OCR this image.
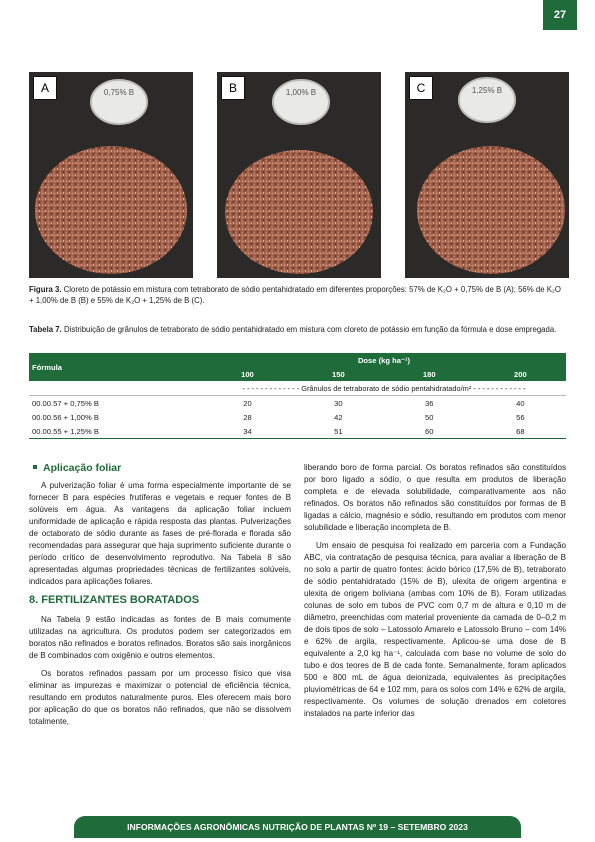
27
0,75% B
A	1,00% B
B	1,25% B
C
Figura 3. Cloreto de potássio em mistura com tetraborato de sódio pentahidratado em diferentes proporções: 57% de K₂O + 0,75% de B (A); 56% de K₂O + 1,00% de B (B) e 55% de K₂O + 1,25% de B (C).
Tabela 7. Distribuição de grânulos de tetraborato de sódio pentahidratado em mistura com cloreto de potássio em função da fórmula e dose empregada.
Fórmula	Dose (kg ha⁻¹)			
	100	150	180	200
	- - - - - - - - - - - - - Grânulos de tetraborato de sódio pentahidratado/m² - - - - - - - - - - - -			
00.00.57 + 0,75% B	20	30	36	40
00.00.56 + 1,00% B	28	42	50	56
00.00.55 + 1,25% B	34	51	60	68
Aplicação foliar

A pulverização foliar é uma forma especialmente importante de se fornecer B para espécies frutíferas e vegetais e requer fontes de B solúveis em água. As vantagens da aplicação foliar incluem uniformidade de aplicação e rápida resposta das plantas. Pulverizações de octaborato de sódio durante as fases de pré-florada e florada são recomendadas para assegurar que haja suprimento suficiente durante o período crítico de desenvolvimento reprodutivo. Na Tabela 8 são apresentadas algumas propriedades técnicas de fertilizantes solúveis, indicados para aplicações foliares.

8. FERTILIZANTES BORATADOS

Na Tabela 9 estão indicadas as fontes de B mais comumente utilizadas na agricultura. Os produtos podem ser categorizados em boratos não refinados e boratos refinados. Boratos são sais inorgânicos de B combinados com oxigênio e outros elementos.

Os boratos refinados passam por um processo físico que visa eliminar as impurezas e maximizar o potencial de eficiência técnica, resultando em produtos naturalmente puros. Eles oferecem mais boro por aplicação do que os boratos não refinados, que não se dissolvem totalmente,

liberando boro de forma parcial. Os boratos refinados são constituídos por boro ligado a sódio, o que resulta em produtos de liberação completa e de elevada solubilidade, comparativamente aos não refinados. Os boratos não refinados são constituídos por formas de B ligadas a cálcio, magnésio e sódio, resultando em produtos com menor solubilidade e liberação incompleta de B.

Um ensaio de pesquisa foi realizado em parceria com a Fundação ABC, via contratação de pesquisa técnica, para avaliar a liberação de B no solo a partir de quatro fontes: ácido bórico (17,5% de B), tetraborato de sódio pentahidratado (15% de B), ulexita de origem argentina e ulexita de origem boliviana (ambas com 10% de B). Foram utilizadas colunas de solo em tubos de PVC com 0,7 m de altura e 0,10 m de diâmetro, preenchidas com material proveniente da camada de 0–0,2 m de dois tipos de solo – Latossolo Amarelo e Latossolo Bruno – com 14% e 62% de argila, respectivamente. Aplicou-se uma dose de B equivalente a 2,0 kg ha⁻¹, calculada com base no volume de solo do tubo e dos teores de B de cada fonte. Semanalmente, foram aplicados 500 e 800 mL de água deionizada, equivalentes às precipitações pluviométricas de 64 e 102 mm, para os solos com 14% e 62% de argila, respectivamente. Os volumes de solução drenados em coletores instalados na parte inferior das

INFORMAÇÕES AGRONÔMICAS NUTRIÇÃO DE PLANTAS Nº 19 – SETEMBRO 2023
